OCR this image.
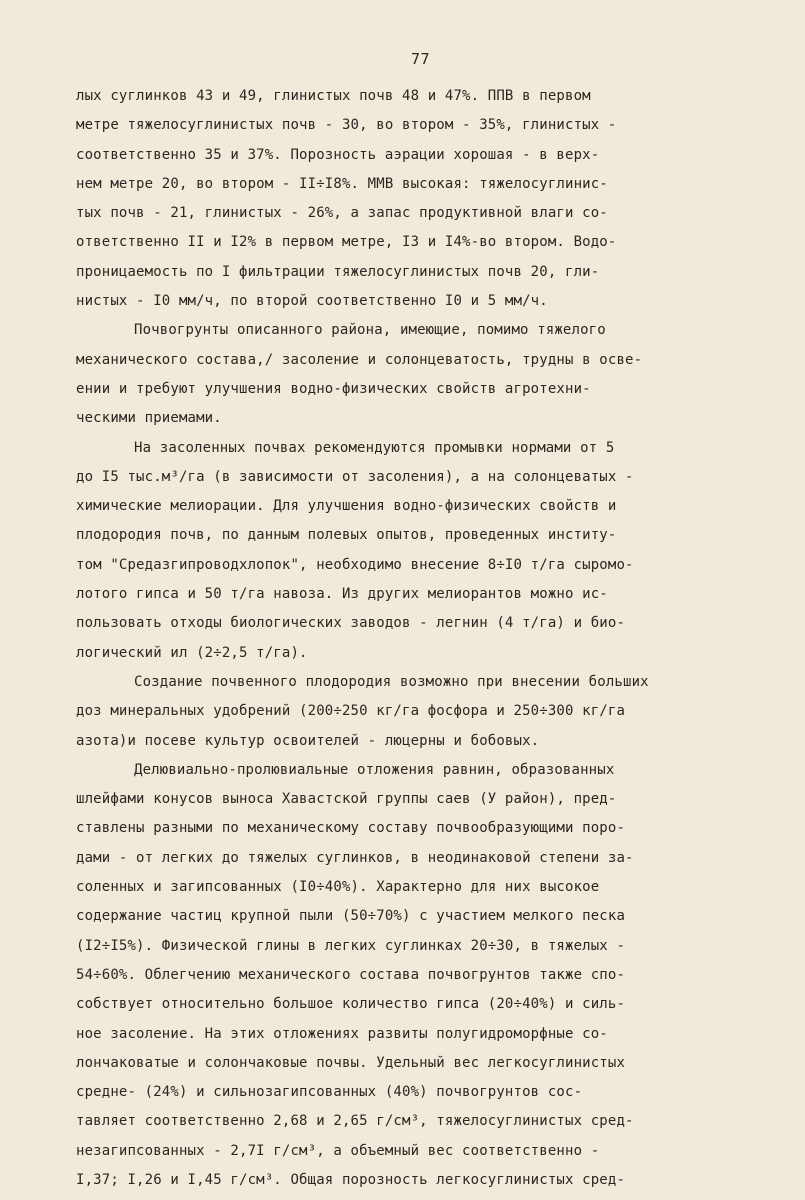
77
лых суглинков 43 и 49, глинистых почв 48 и 47%. ППВ в первом
метре тяжелосуглинистых почв - 30, во втором - 35%, глинистых -
соответственно 35 и 37%. Порозность аэрации хорошая - в верх-
нем метре 20, во втором - II÷I8%. ММВ высокая: тяжелосуглинис-
тых почв - 21, глинистых - 26%, а запас продуктивной влаги со-
ответственно II и I2% в первом метре, I3 и I4%-во втором. Водо-
проницаемость по I фильтрации тяжелосуглинистых почв 20, гли-
нистых - I0 мм/ч, по второй соответственно I0 и 5 мм/ч.
Почвогрунты описанного района, имеющие, помимо тяжелого
механического состава,/ засоление и солонцеватость, трудны в осве-
ении и требуют улучшения водно-физических свойств агротехни-
ческими приемами.
На засоленных почвах рекомендуются промывки нормами от 5
до I5 тыс.м³/га (в зависимости от засоления), а на солонцеватых -
химические мелиорации. Для улучшения водно-физических свойств и
плодородия почв, по данным полевых опытов, проведенных институ-
том "Средазгипроводхлопок", необходимо внесение 8÷I0 т/га сыромо-
лотого гипса и 50 т/га навоза. Из других мелиорантов можно ис-
пользовать отходы биологических заводов - легнин (4 т/га) и био-
логический ил (2÷2,5 т/га).
Создание почвенного плодородия возможно при внесении больших
доз минеральных удобрений (200÷250 кг/га фосфора и 250÷300 кг/га
азота)и посеве культур освоителей - люцерны и бобовых.
Делювиально-пролювиальные отложения равнин, образованных
шлейфами конусов выноса Хавастской группы саев (У район), пред-
ставлены разными по механическому составу почвообразующими поро-
дами - от легких до тяжелых суглинков, в неодинаковой степени за-
соленных и загипсованных (I0÷40%). Характерно для них высокое
содержание частиц крупной пыли (50÷70%) с участием мелкого песка
(I2÷I5%). Физической глины в легких суглинках 20÷30, в тяжелых -
54÷60%. Облегчению механического состава почвогрунтов также спо-
собствует относительно большое количество гипса (20÷40%) и силь-
ное засоление. На этих отложениях развиты полугидроморфные со-
лончаковатые и солончаковые почвы. Удельный вес легкосуглинистых
средне- (24%) и сильнозагипсованных (40%) почвогрунтов сос-
тавляет соответственно 2,68 и 2,65 г/см³, тяжелосуглинистых сред-
незагипсованных - 2,7I г/см³, а объемный вес соответственно -
I,37; I,26 и I,45 г/см³. Общая порозность легкосуглинистых сред-
